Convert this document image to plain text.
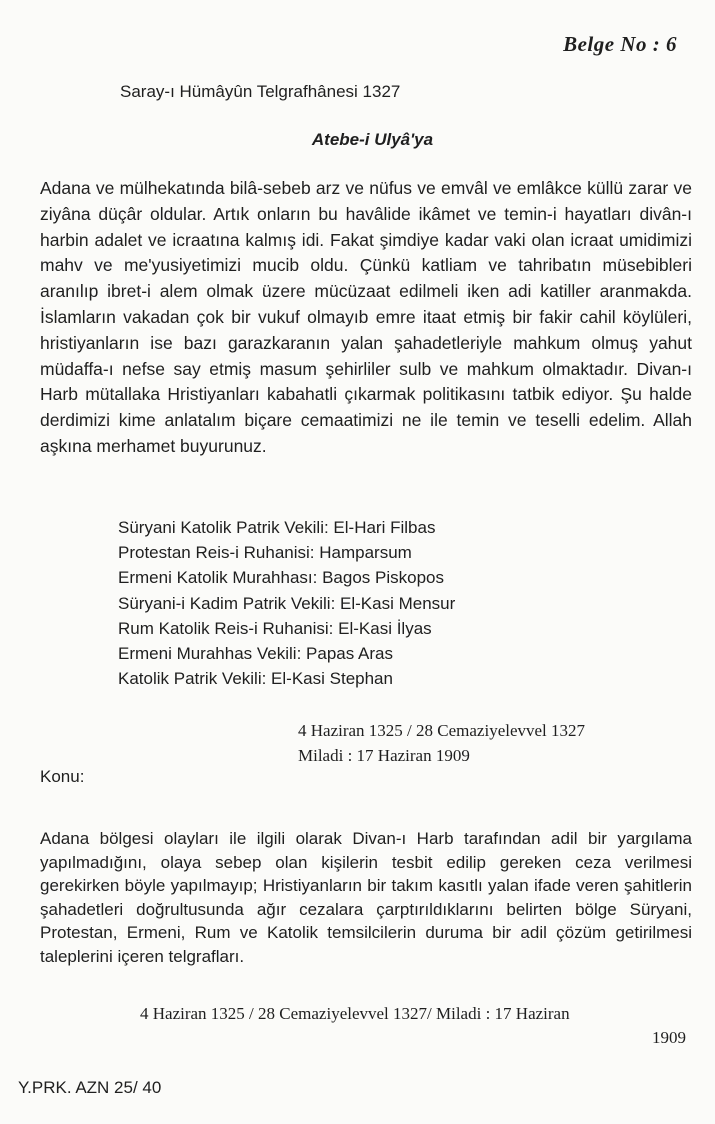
Belge No : 6
Saray-ı Hümâyûn Telgrafhânesi 1327
Atebe-i Ulyâ'ya

Adana ve mülhekatında bilâ-sebeb arz ve nüfus ve emvâl ve emlâkce küllü zarar ve ziyâna düçâr oldular. Artık onların bu havâlide ikâmet ve temin-i hayatları divân-ı harbin adalet ve icraatına kalmış idi. Fakat şimdiye kadar vaki olan icraat umidimizi mahv ve me'yusiyetimizi mucib oldu. Çünkü katliam ve tahribatın müsebibleri aranılıp ibret-i alem olmak üzere mücüzaat edilmeli iken adi katiller aranmakda. İslamların vakadan çok bir vukuf olmayıb emre itaat etmiş bir fakir cahil köylüleri, hristiyanların ise bazı garazkaranın yalan şahadetleriyle mahkum olmuş yahut müdaffa-ı nefse say etmiş masum şehirliler sulb ve mahkum olmaktadır. Divan-ı Harb mütallaka Hristiyanları kabahatli çıkarmak politikasını tatbik ediyor. Şu halde derdimizi kime anlatalım biçare cemaatimizi ne ile temin ve teselli edelim. Allah aşkına merhamet buyurunuz.

Süryani Katolik Patrik Vekili: El-Hari Filbas
Protestan Reis-i Ruhanisi: Hamparsum
Ermeni Katolik Murahhası: Bagos Piskopos
Süryani-i Kadim Patrik Vekili: El-Kasi Mensur
Rum Katolik Reis-i Ruhanisi: El-Kasi İlyas
Ermeni Murahhas Vekili: Papas Aras
Katolik Patrik Vekili: El-Kasi Stephan
4 Haziran 1325 / 28 Cemaziyelevvel 1327
Miladi : 17 Haziran 1909
Konu:

Adana bölgesi olayları ile ilgili olarak Divan-ı Harb tarafından adil bir yargılama yapılmadığını, olaya sebep olan kişilerin tesbit edilip gereken ceza verilmesi gerekirken böyle yapılmayıp; Hristiyanların bir takım kasıtlı yalan ifade veren şahitlerin şahadetleri doğrultusunda ağır cezalara çarptırıldıklarını belirten bölge Süryani, Protestan, Ermeni, Rum ve Katolik temsilcilerin duruma bir adil çözüm getirilmesi taleplerini içeren telgrafları.

4 Haziran 1325 / 28 Cemaziyelevvel 1327/ Miladi : 17 Haziran
1909
Y.PRK. AZN 25/ 40
